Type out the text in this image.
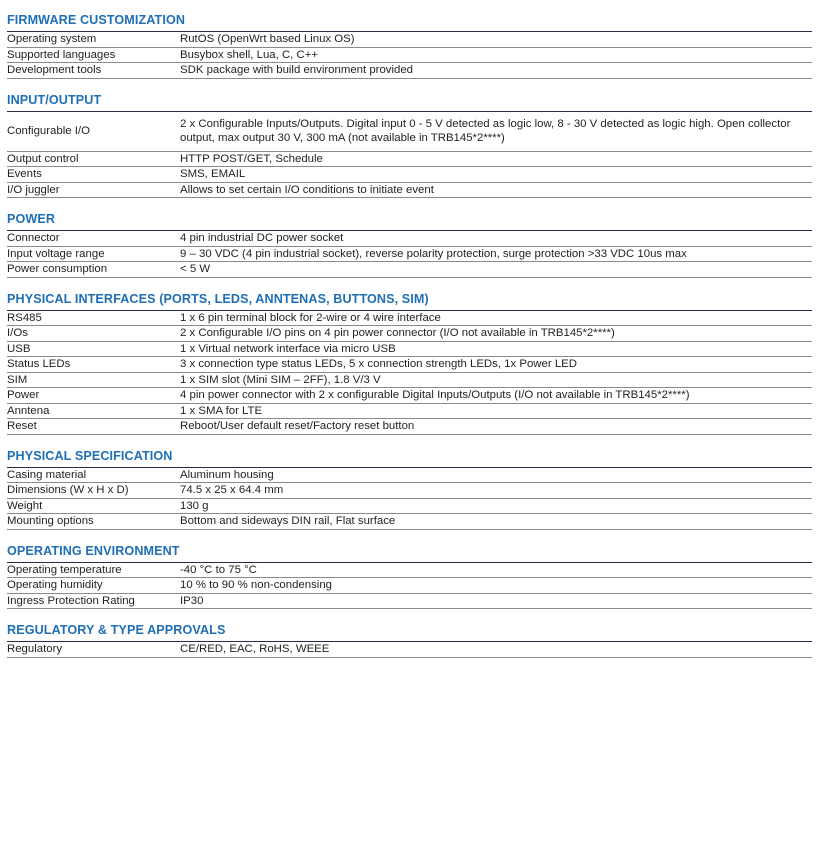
FIRMWARE CUSTOMIZATION
Operating system	RutOS (OpenWrt based Linux OS)
Supported languages	Busybox shell, Lua, C, C++
Development tools	SDK package with build environment provided
INPUT/OUTPUT
Configurable I/O	2 x Configurable Inputs/Outputs. Digital input 0 - 5 V detected as logic low, 8 - 30 V detected as logic high. Open collector output, max output 30 V, 300 mA (not available in TRB145*2****)
Output control	HTTP POST/GET, Schedule
Events	SMS, EMAIL
I/O juggler	Allows to set certain I/O conditions to initiate event
POWER
Connector	4 pin industrial DC power socket
Input voltage range	9 – 30 VDC (4 pin industrial socket), reverse polarity protection, surge protection >33 VDC 10us max
Power consumption	< 5 W
PHYSICAL INTERFACES (PORTS, LEDS, ANNTENAS, BUTTONS, SIM)
RS485	1 x 6 pin terminal block for 2-wire or 4 wire interface
I/Os	2 x Configurable I/O pins on 4 pin power connector (I/O not available in TRB145*2****)
USB	1 x Virtual network interface via micro USB
Status LEDs	3 x connection type status LEDs, 5 x connection strength LEDs, 1x Power LED
SIM	1 x SIM slot (Mini SIM – 2FF), 1.8 V/3 V
Power	4 pin power connector with 2 x configurable Digital Inputs/Outputs (I/O not available in TRB145*2****)
Anntena	1 x SMA for LTE
Reset	Reboot/User default reset/Factory reset button
PHYSICAL SPECIFICATION
Casing material	Aluminum housing
Dimensions (W x H x D)	74.5 x 25 x 64.4 mm
Weight	130 g
Mounting options	Bottom and sideways DIN rail, Flat surface
OPERATING ENVIRONMENT
Operating temperature	-40 °C to 75 °C
Operating humidity	10 % to 90 % non-condensing
Ingress Protection Rating	IP30
REGULATORY & TYPE APPROVALS
Regulatory	CE/RED, EAC, RoHS, WEEE
